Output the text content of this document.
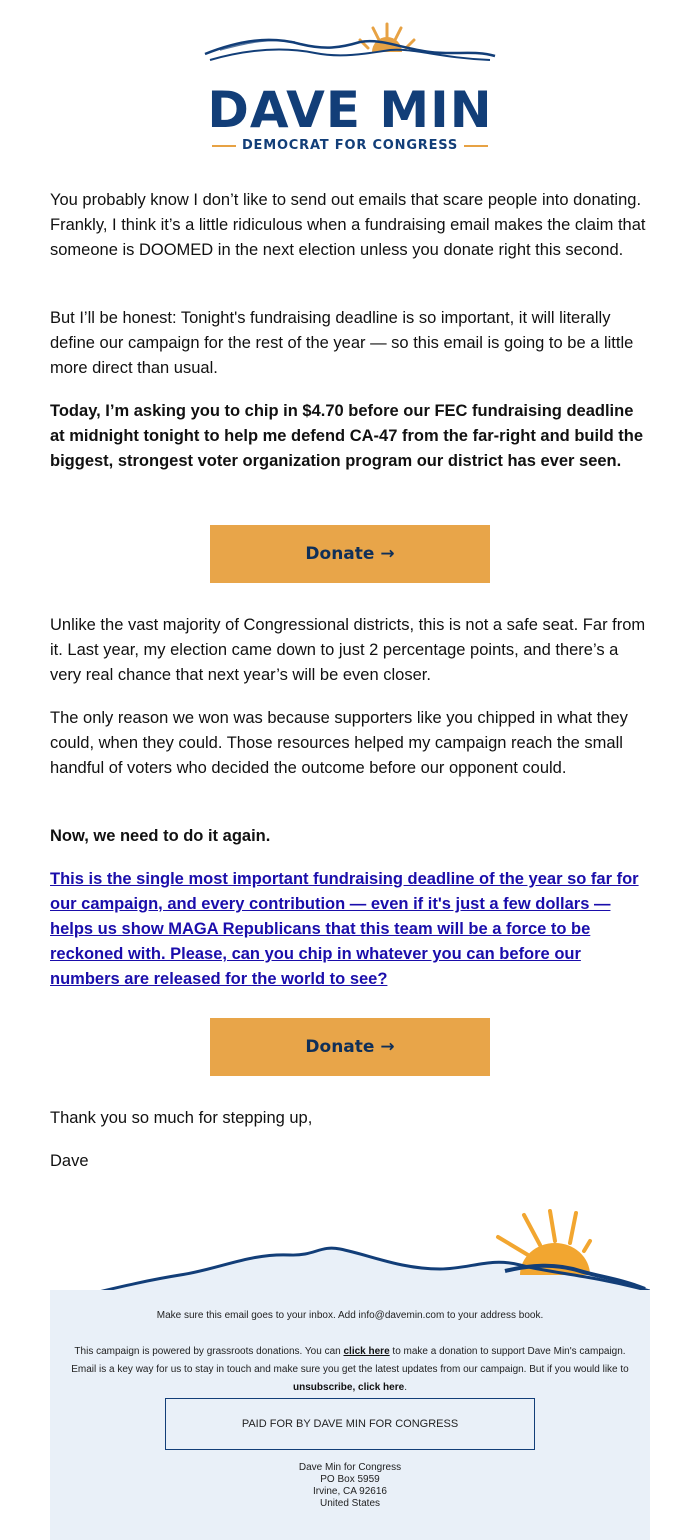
DAVE MIN
DEMOCRAT FOR CONGRESS

You probably know I don’t like to send out emails that scare people into donating. Frankly, I think it’s a little ridiculous when a fundraising email makes the claim that someone is DOOMED in the next election unless you donate right this second.

But I’ll be honest: Tonight's fundraising deadline is so important, it will literally define our campaign for the rest of the year — so this email is going to be a little more direct than usual.

Today, I’m asking you to chip in $4.70 before our FEC fundraising deadline at midnight tonight to help me defend CA-47 from the far-right and build the biggest, strongest voter organization program our district has ever seen.

Donate →

Unlike the vast majority of Congressional districts, this is not a safe seat. Far from it. Last year, my election came down to just 2 percentage points, and there’s a very real chance that next year’s will be even closer.

The only reason we won was because supporters like you chipped in what they could, when they could. Those resources helped my campaign reach the small handful of voters who decided the outcome before our opponent could.

Now, we need to do it again.

This is the single most important fundraising deadline of the year so far for our campaign, and every contribution — even if it's just a few dollars — helps us show MAGA Republicans that this team will be a force to be reckoned with. Please, can you chip in whatever you can before our numbers are released for the world to see?

Donate →

Thank you so much for stepping up,

Dave

Make sure this email goes to your inbox. Add info@davemin.com to your address book.

This campaign is powered by grassroots donations. You can click here to make a donation to support Dave Min's campaign. Email is a key way for us to stay in touch and make sure you get the latest updates from our campaign. But if you would like to unsubscribe, click here.

PAID FOR BY DAVE MIN FOR CONGRESS

Dave Min for Congress

PO Box 5959

Irvine, CA 92616

United States
